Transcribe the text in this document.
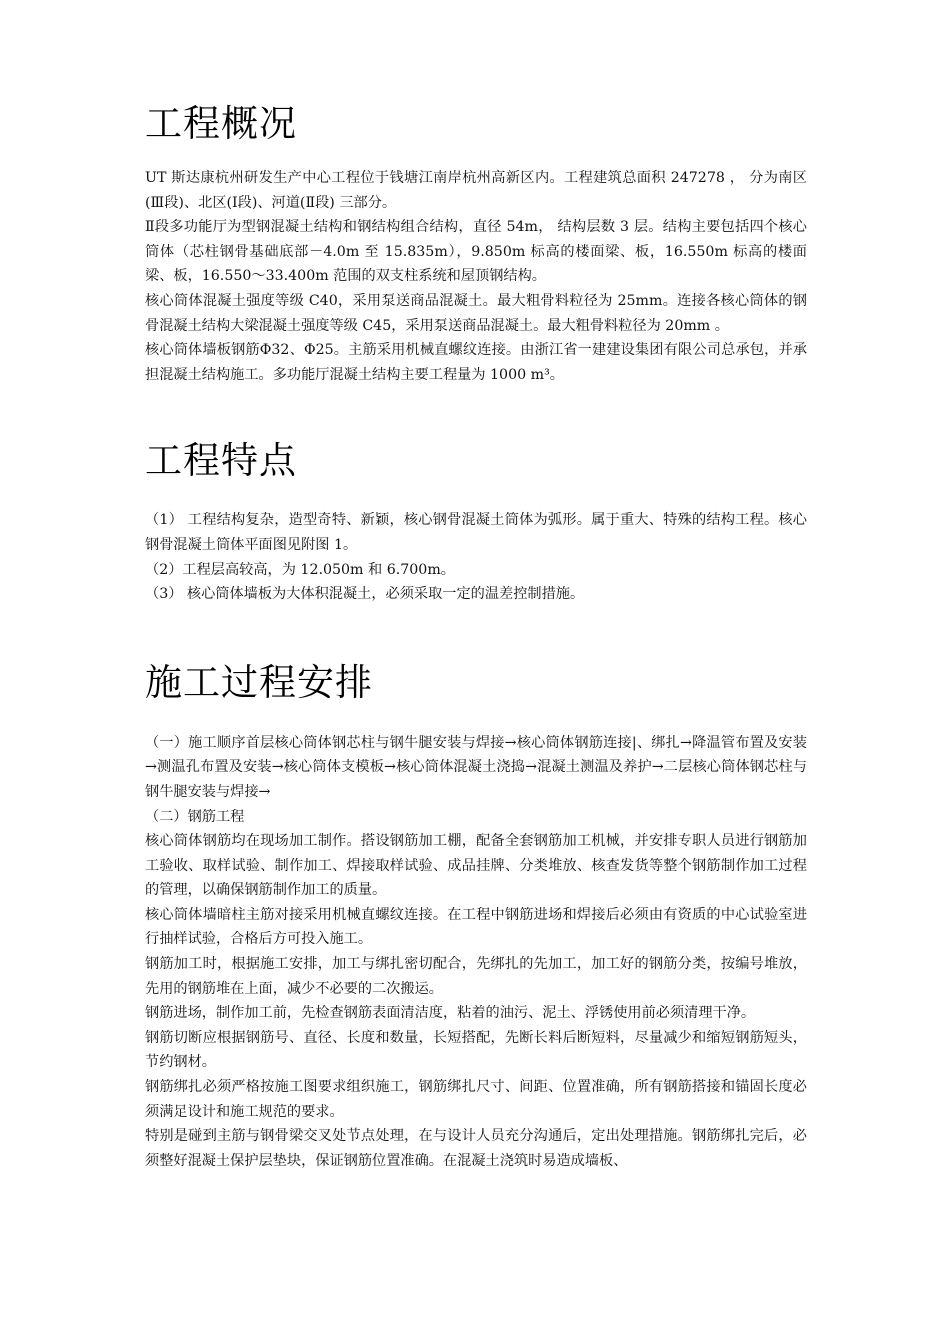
工程概况

UT 斯达康杭州研发生产中心工程位于钱塘江南岸杭州高新区内。工程建筑总面积 247278 ， 分为南区(Ⅲ段)、北区(Ⅰ段)、河道(Ⅱ段) 三部分。

Ⅱ段多功能厅为型钢混凝土结构和钢结构组合结构，直径 54m， 结构层数 3 层。结构主要包括四个核心筒体（芯柱钢骨基础底部－4.0m 至 15.835m），9.850m 标高的楼面梁、板，16.550m 标高的楼面梁、板，16.550～33.400m 范围的双支柱系统和屋顶钢结构。

核心筒体混凝土强度等级 C40，采用泵送商品混凝土。最大粗骨料粒径为 25mm。连接各核心筒体的钢骨混凝土结构大梁混凝土强度等级 C45，采用泵送商品混凝土。最大粗骨料粒径为 20mm 。

核心筒体墙板钢筋Φ32、Φ25。主筋采用机械直螺纹连接。由浙江省一建建设集团有限公司总承包，并承担混凝土结构施工。多功能厅混凝土结构主要工程量为 1000 m³。

工程特点

（1） 工程结构复杂，造型奇特、新颖，核心钢骨混凝土筒体为弧形。属于重大、特殊的结构工程。核心钢骨混凝土筒体平面图见附图 1。

（2）工程层高较高，为 12.050m 和 6.700m。

（3） 核心筒体墙板为大体积混凝土，必须采取一定的温差控制措施。

施工过程安排

（一）施工顺序首层核心筒体钢芯柱与钢牛腿安装与焊接→核心筒体钢筋连接|、绑扎→降温管布置及安装→测温孔布置及安装→核心筒体支模板→核心筒体混凝土浇捣→混凝土测温及养护→二层核心筒体钢芯柱与钢牛腿安装与焊接→

（二）钢筋工程

核心筒体钢筋均在现场加工制作。搭设钢筋加工棚，配备全套钢筋加工机械，并安排专职人员进行钢筋加工验收、取样试验、制作加工、焊接取样试验、成品挂牌、分类堆放、核查发货等整个钢筋制作加工过程的管理，以确保钢筋制作加工的质量。

核心筒体墙暗柱主筋对接采用机械直螺纹连接。在工程中钢筋进场和焊接后必须由有资质的中心试验室进行抽样试验，合格后方可投入施工。

钢筋加工时，根据施工安排，加工与绑扎密切配合，先绑扎的先加工，加工好的钢筋分类，按编号堆放，先用的钢筋堆在上面，减少不必要的二次搬运。

钢筋进场，制作加工前，先检查钢筋表面清洁度，粘着的油污、泥土、浮锈使用前必须清理干净。

钢筋切断应根据钢筋号、直径、长度和数量，长短搭配，先断长料后断短料，尽量减少和缩短钢筋短头，节约钢材。

钢筋绑扎必须严格按施工图要求组织施工，钢筋绑扎尺寸、间距、位置准确，所有钢筋搭接和锚固长度必须满足设计和施工规范的要求。

特别是碰到主筋与钢骨梁交叉处节点处理，在与设计人员充分沟通后，定出处理措施。钢筋绑扎完后，必须整好混凝土保护层垫块，保证钢筋位置准确。在混凝土浇筑时易造成墙板、
